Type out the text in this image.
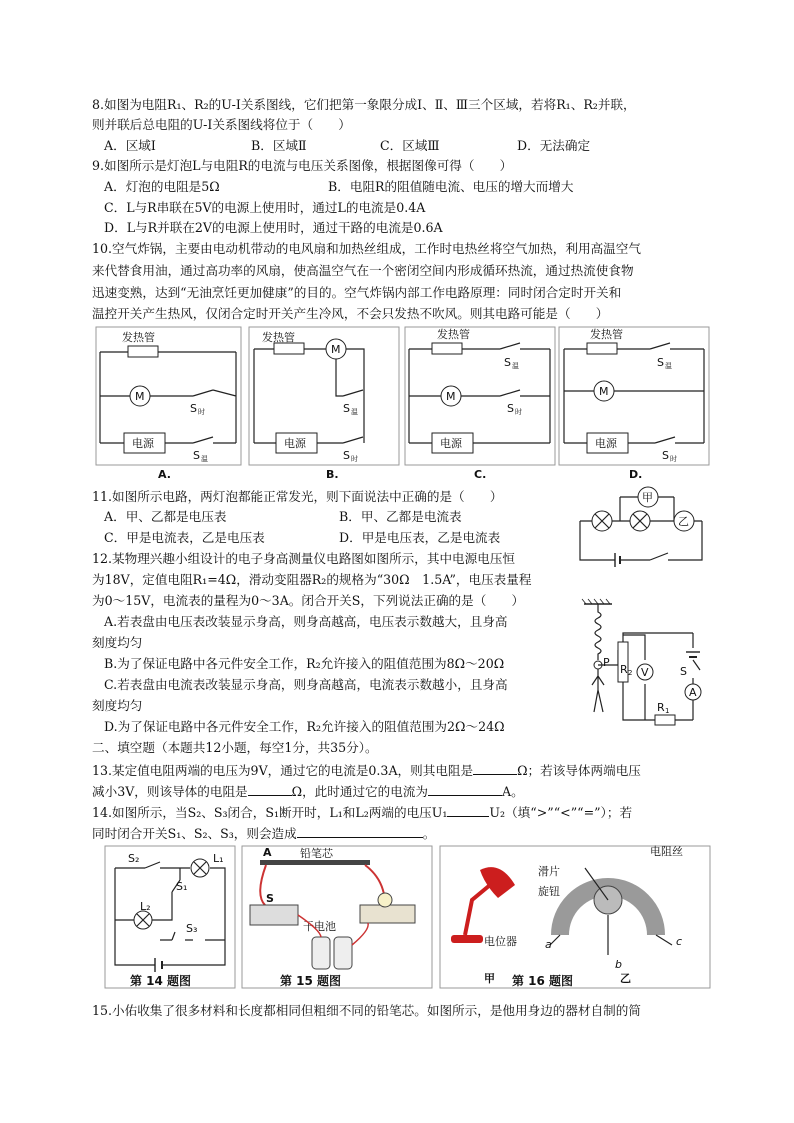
8.如图为电阻R₁、R₂的U-I关系图线，它们把第一象限分成Ⅰ、Ⅱ、Ⅲ三个区域，若将R₁、R₂并联，
则并联后总电阻的U-I关系图线将位于（　　）
A．区域Ⅰ	B．区域Ⅱ	C．区域Ⅲ	D．无法确定
9.如图所示是灯泡L与电阻R的电流与电压关系图像，根据图像可得（　　）
A．灯泡的电阻是5Ω	B．电阻R的阻值随电流、电压的增大而增大
C．L与R串联在5V的电源上使用时，通过L的电流是0.4A
D．L与R并联在2V的电源上使用时，通过干路的电流是0.6A
10.空气炸锅，主要由电动机带动的电风扇和加热丝组成，工作时电热丝将空气加热，利用高温空气
来代替食用油，通过高功率的风扇，使高温空气在一个密闭空间内形成循环热流，通过热流使食物
迅速变熟，达到“无油烹饪更加健康”的目的。空气炸锅内部工作电路原理：同时闭合定时开关和
温控开关产生热风，仅闭合定时开关产生冷风，不会只发热不吹风。则其电路可能是（　　）
发热管
M
S 时
电源
S 温
A.
发热管
M
S 温
电源
S 时
B.
发热管
S 温
M
S 时
电源
C.
发热管
S 温
M
电源
S 时
D.
11.如图所示电路，两灯泡都能正常发光，则下面说法中正确的是（　　）
A．甲、乙都是电压表	B．甲、乙都是电流表
C．甲是电流表，乙是电压表	D．甲是电压表，乙是电流表
乙
甲
12.某物理兴趣小组设计的电子身高测量仪电路图如图所示，其中电源电压恒
为18V，定值电阻R₁=4Ω，滑动变阻器R₂的规格为“30Ω　1.5A”，电压表量程
为0～15V，电流表的量程为0～3A。闭合开关S，下列说法正确的是（　　）
A.若表盘由电压表改装显示身高，则身高越高，电压表示数越大，且身高
刻度均匀
B.为了保证电路中各元件安全工作，R₂允许接入的阻值范围为8Ω～20Ω
C.若表盘由电流表改装显示身高，则身高越高，电流表示数越小，且身高
刻度均匀
D.为了保证电路中各元件安全工作，R₂允许接入的阻值范围为2Ω～24Ω
P
R 2 V
A
S
R 1
二、填空题（本题共12小题，每空1分，共35分）。
13.某定值电阻两端的电压为9V，通过它的电流是0.3A，则其电阻是	Ω；若该导体两端电压
减小3V，则该导体的电阻是	Ω，此时通过它的电流为	A。
14.如图所示，当S₂、S₃闭合，S₁断开时，L₁和L₂两端的电压U₁	U₂（填“>”“<”“=”）；若
同时闭合开关S₁、S₂、S₃，则会造成	。
S₂	L₁
S₁
L₂
S₃
第 14 题图
A	铅笔芯
S
干电池
第 15 题图
电位器
甲
电阻丝
滑片
旋钮
a
b
c
第 16 题图	乙
15.小佑收集了很多材料和长度都相同但粗细不同的铅笔芯。如图所示，是他用身边的器材自制的简
